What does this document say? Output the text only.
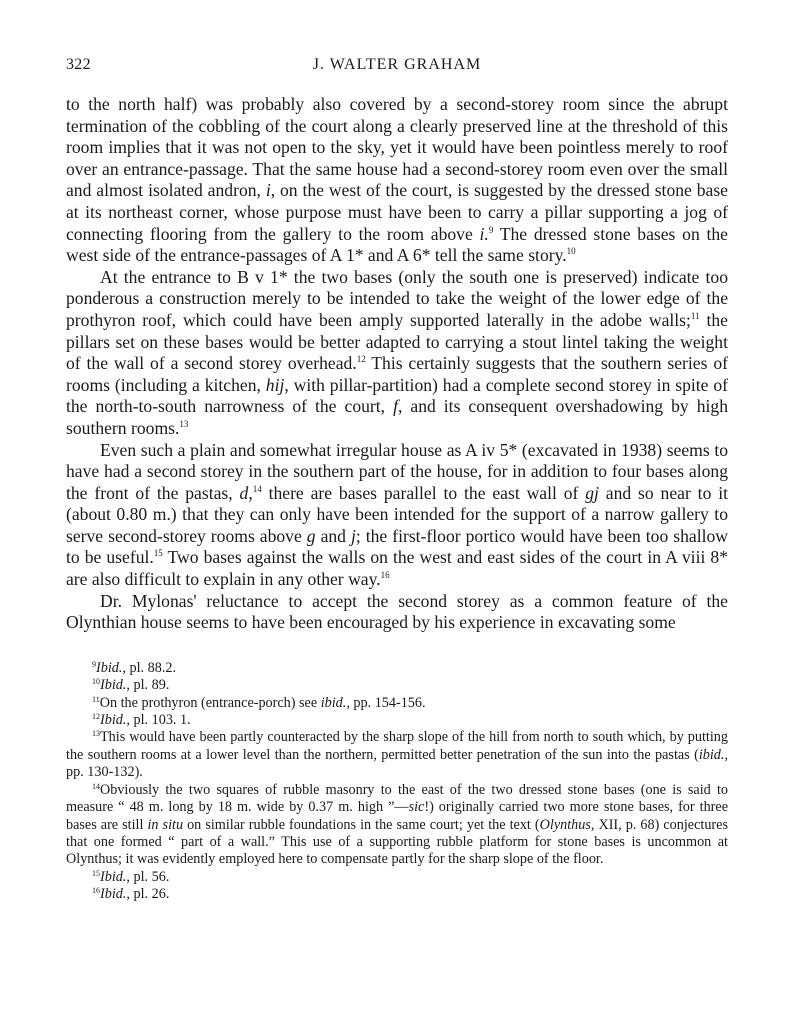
322	J. WALTER GRAHAM

to the north half) was probably also covered by a second-storey room since the abrupt termination of the cobbling of the court along a clearly preserved line at the threshold of this room implies that it was not open to the sky, yet it would have been pointless merely to roof over an entrance-passage. That the same house had a second-storey room even over the small and almost isolated andron, i, on the west of the court, is suggested by the dressed stone base at its northeast corner, whose purpose must have been to carry a pillar supporting a jog of connecting flooring from the gallery to the room above i.$^9$ The dressed stone bases on the west side of the entrance-passages of A 1* and A 6* tell the same story.$^{10}$

At the entrance to B v 1* the two bases (only the south one is preserved) indicate too ponderous a construction merely to be intended to take the weight of the lower edge of the prothyron roof, which could have been amply supported laterally in the adobe walls;$^{11}$ the pillars set on these bases would be better adapted to carrying a stout lintel taking the weight of the wall of a second storey overhead.$^{12}$ This certainly suggests that the southern series of rooms (including a kitchen, hij, with pillar-partition) had a complete second storey in spite of the north-to-south narrowness of the court, f, and its consequent overshadowing by high southern rooms.$^{13}$

Even such a plain and somewhat irregular house as A iv 5* (excavated in 1938) seems to have had a second storey in the southern part of the house, for in addition to four bases along the front of the pastas, d,$^{14}$ there are bases parallel to the east wall of gj and so near to it (about 0.80 m.) that they can only have been intended for the support of a narrow gallery to serve second-storey rooms above g and j; the first-floor portico would have been too shallow to be useful.$^{15}$ Two bases against the walls on the west and east sides of the court in A viii 8* are also difficult to explain in any other way.$^{16}$

Dr. Mylonas' reluctance to accept the second storey as a common feature of the Olynthian house seems to have been encouraged by his experience in excavating some

$^9$Ibid., pl. 88.2.

$^{10}$Ibid., pl. 89.

$^{11}$On the prothyron (entrance-porch) see ibid., pp. 154-156.

$^{12}$Ibid., pl. 103. 1.

$^{13}$This would have been partly counteracted by the sharp slope of the hill from north to south which, by putting the southern rooms at a lower level than the northern, permitted better penetration of the sun into the pastas (ibid., pp. 130-132).

$^{14}$Obviously the two squares of rubble masonry to the east of the two dressed stone bases (one is said to measure “ 48 m. long by 18 m. wide by 0.37 m. high ”—sic!) originally carried two more stone bases, for three bases are still in situ on similar rubble foundations in the same court; yet the text (Olynthus, XII, p. 68) conjectures that one formed “ part of a wall.” This use of a supporting rubble platform for stone bases is uncommon at Olynthus; it was evidently employed here to compensate partly for the sharp slope of the floor.

$^{15}$Ibid., pl. 56.

$^{16}$Ibid., pl. 26.
